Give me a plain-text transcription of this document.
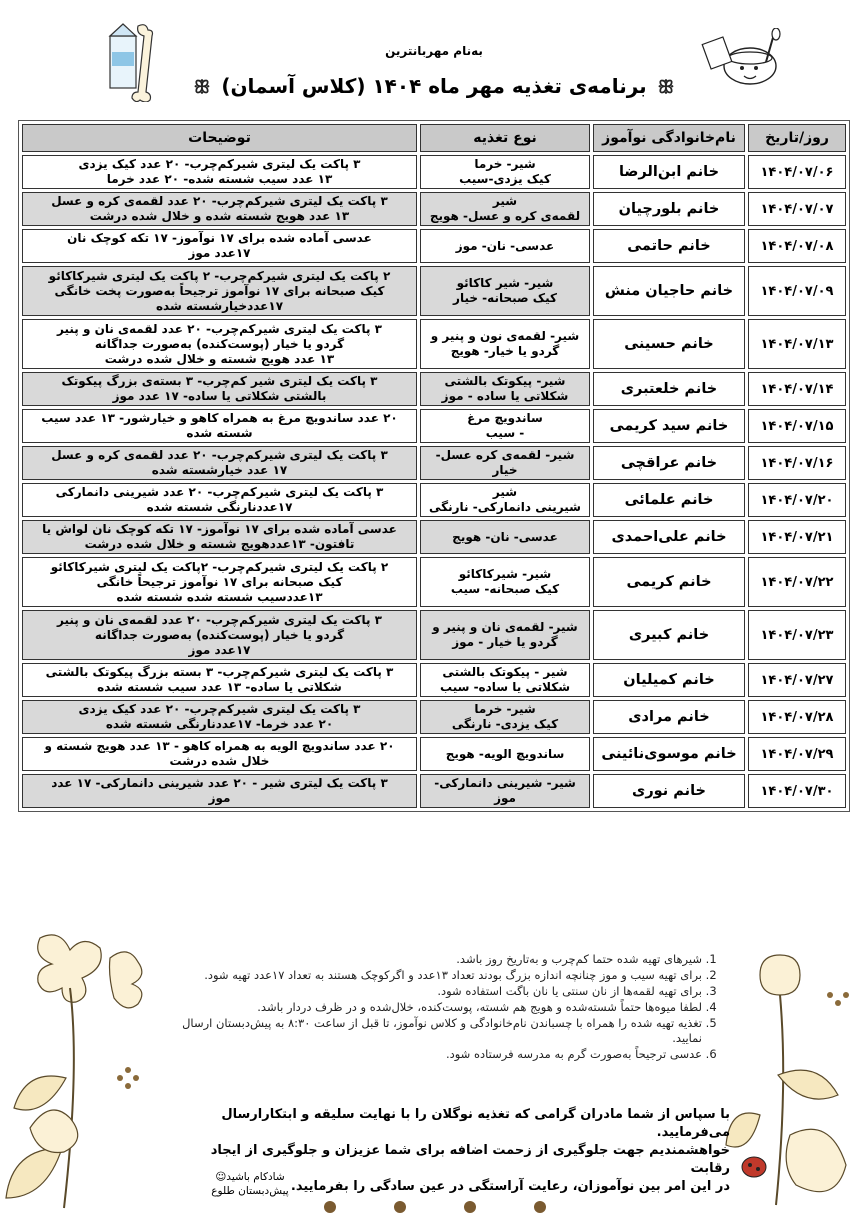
به‌نام مهربانترین
ꕥ برنامه‌ی تغذیه مهر ماه ۱۴۰۴ (کلاس آسمان) ꕥ
روز/تاریخ	نام‌خانوادگی نوآموز	نوع تغذیه	توضیحات
۱۴۰۴/۰۷/۰۶	خانم ابن‌الرضا	شیر- خرما
کیک یزدی-سیب	۳ پاکت یک لیتری شیرکم‌چرب- ۲۰ عدد کیک یزدی
۱۳ عدد سیب شسته شده- ۲۰ عدد خرما
۱۴۰۴/۰۷/۰۷	خانم بلورچیان	شیر
لقمه‌ی کره و عسل- هویج	۳ پاکت یک لیتری شیرکم‌چرب- ۲۰ عدد لقمه‌ی کره و عسل
۱۳ عدد هویج شسته شده و خلال شده درشت
۱۴۰۴/۰۷/۰۸	خانم حاتمی	عدسی- نان- موز	عدسی آماده شده برای ۱۷ نوآموز- ۱۷ تکه کوچک نان
۱۷عدد موز
۱۴۰۴/۰۷/۰۹	خانم حاجیان منش	شیر- شیر کاکائو
کیک صبحانه- خیار	۲ پاکت یک لیتری شیرکم‌چرب- ۲ پاکت یک لیتری شیرکاکائو
کیک صبحانه برای ۱۷ نوآموز ترجیحاً به‌صورت پخت خانگی
۱۷عددخیارشسته شده
۱۴۰۴/۰۷/۱۳	خانم حسینی	شیر- لقمه‌ی نون و پنیر و
گردو یا خیار- هویج	۳ پاکت یک لیتری شیرکم‌چرب- ۲۰ عدد لقمه‌ی نان و پنیر
گردو یا خیار (پوست‌کنده) به‌صورت جداگانه
۱۳ عدد هویج شسته و خلال شده درشت
۱۴۰۴/۰۷/۱۴	خانم خلعتبری	شیر- پیکوتک بالشتی
شکلاتی یا ساده - موز	۳ پاکت یک لیتری شیر کم‌چرب- ۳ بسته‌ی بزرگ پیکوتک
بالشتی شکلاتی یا ساده- ۱۷ عدد موز
۱۴۰۴/۰۷/۱۵	خانم سید کریمی	ساندویچ مرغ
- سیب	۲۰ عدد ساندویچ مرغ به همراه کاهو و خیارشور- ۱۳ عدد سیب
شسته شده
۱۴۰۴/۰۷/۱۶	خانم عراقچی	شیر- لقمه‌ی کره عسل-
خیار	۳ پاکت یک لیتری شیرکم‌چرب- ۲۰ عدد لقمه‌ی کره و عسل
۱۷ عدد خیارشسته شده
۱۴۰۴/۰۷/۲۰	خانم علمائی	شیر
شیرینی دانمارکی- نارنگی	۳ پاکت یک لیتری شیرکم‌چرب- ۲۰ عدد شیرینی دانمارکی
۱۷عددنارنگی شسته شده
۱۴۰۴/۰۷/۲۱	خانم علی‌احمدی	عدسی- نان- هویج	عدسی آماده شده برای ۱۷ نوآموز- ۱۷ تکه کوچک نان لواش یا
تافتون- ۱۳عددهویج شسته و خلال شده درشت
۱۴۰۴/۰۷/۲۲	خانم کریمی	شیر- شیرکاکائو
کیک صبحانه- سیب	۲ پاکت یک لیتری شیرکم‌چرب- ۲پاکت یک لیتری شیرکاکائو
کیک صبحانه برای ۱۷ نوآموز ترجیحاً خانگی
۱۳عددسیب شسته شده شسته شده
۱۴۰۴/۰۷/۲۳	خانم کبیری	شیر- لقمه‌ی نان و پنیر و
گردو یا خیار - موز	۳ پاکت یک لیتری شیرکم‌چرب- ۲۰ عدد لقمه‌ی نان و پنیر
گردو یا خیار (پوست‌کنده) به‌صورت جداگانه
۱۷عدد موز
۱۴۰۴/۰۷/۲۷	خانم کمیلیان	شیر - پیکوتک بالشتی
شکلاتی یا ساده- سیب	۳ پاکت یک لیتری شیرکم‌چرب- ۳ بسته بزرگ پیکوتک بالشتی
شکلاتی یا ساده- ۱۳ عدد سیب شسته شده
۱۴۰۴/۰۷/۲۸	خانم مرادی	شیر- خرما
کیک یزدی- نارنگی	۳ پاکت یک لیتری شیرکم‌چرب- ۲۰ عدد کیک یزدی
۲۰ عدد خرما- ۱۷عددنارنگی شسته شده
۱۴۰۴/۰۷/۲۹	خانم موسوی‌نائینی	ساندویچ الویه- هویج	۲۰ عدد ساندویچ الویه به همراه کاهو - ۱۳ عدد هویج شسته و
خلال شده درشت
۱۴۰۴/۰۷/۳۰	خانم نوری	شیر- شیرینی دانمارکی- موز	۳ پاکت یک لیتری شیر - ۲۰ عدد شیرینی دانمارکی- ۱۷ عدد
موز
1. شیرهای تهیه شده حتما کم‌چرب و به‌تاریخ روز باشد.
2. برای تهیه سیب و موز چنانچه اندازه بزرگ بودند تعداد ۱۳عدد و اگرکوچک هستند به تعداد ۱۷عدد تهیه شود.
3. برای تهیه لقمه‌ها از نان سنتی یا نان باگت استفاده شود.
4. لطفا میوه‌ها حتماً شسته‌شده و هویج هم شسته، پوست‌کنده، خلال‌شده و در ظرف دردار باشد.
5. تغذیه تهیه شده را همراه با چسباندن نام‌خانوادگی و کلاس نوآموز، تا قبل از ساعت ۸:۳۰ به پیش‌دبستان ارسال نمایید.
6. عدسی ترجیحاً به‌صورت گرم به مدرسه فرستاده شود.
با سپاس از شما مادران گرامی که تغذیه نوگلان را با نهایت سلیقه و ابتکارارسال می‌فرمایید.
خواهشمندیم جهت جلوگیری از زحمت اضافه برای شما عزیزان و جلوگیری از ایجاد رقابت
در این امر بین نوآموزان، رعایت آراستگی در عین سادگی را بفرمایید.
شادکام باشید☺
پیش‌دبستان طلوع
